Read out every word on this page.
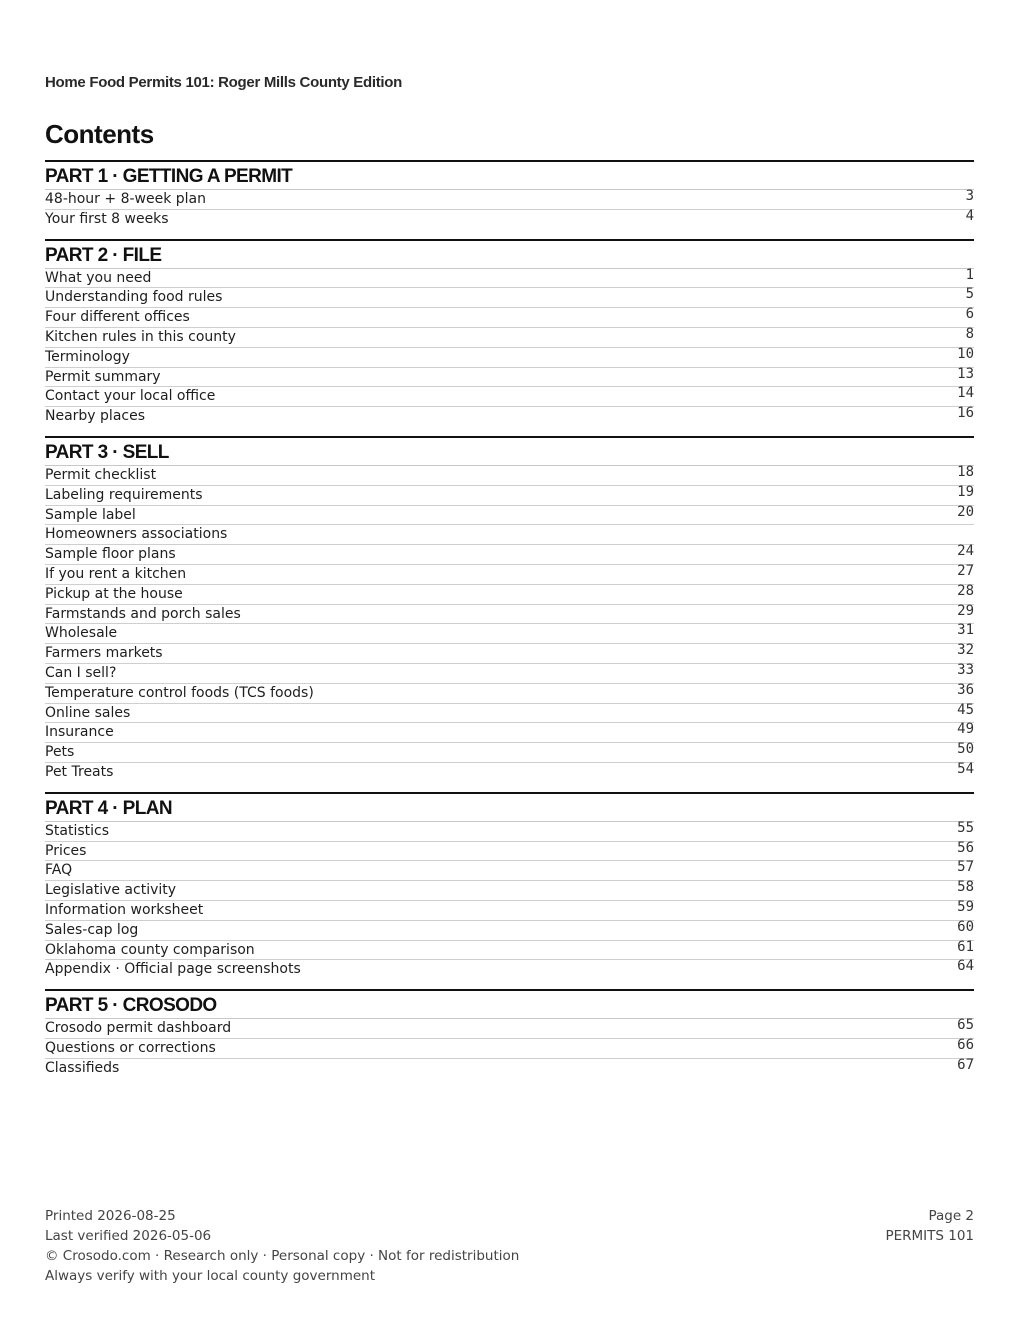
Home Food Permits 101: Roger Mills County Edition
Contents
PART 1 · GETTING A PERMIT
48-hour + 8-week plan	3
Your first 8 weeks	4
PART 2 · FILE
What you need	1
Understanding food rules	5
Four different offices	6
Kitchen rules in this county	8
Terminology	10
Permit summary	13
Contact your local office	14
Nearby places	16
PART 3 · SELL
Permit checklist	18
Labeling requirements	19
Sample label	20
Homeowners associations
Sample floor plans	24
If you rent a kitchen	27
Pickup at the house	28
Farmstands and porch sales	29
Wholesale	31
Farmers markets	32
Can I sell?	33
Temperature control foods (TCS foods)	36
Online sales	45
Insurance	49
Pets	50
Pet Treats	54
PART 4 · PLAN
Statistics	55
Prices	56
FAQ	57
Legislative activity	58
Information worksheet	59
Sales-cap log	60
Oklahoma county comparison	61
Appendix · Official page screenshots	64
PART 5 · CROSODO
Crosodo permit dashboard	65
Questions or corrections	66
Classifieds	67
Printed 2026-08-25
Last verified 2026-05-06
© Crosodo.com · Research only · Personal copy · Not for redistribution
Always verify with your local county government
Page 2
PERMITS 101
